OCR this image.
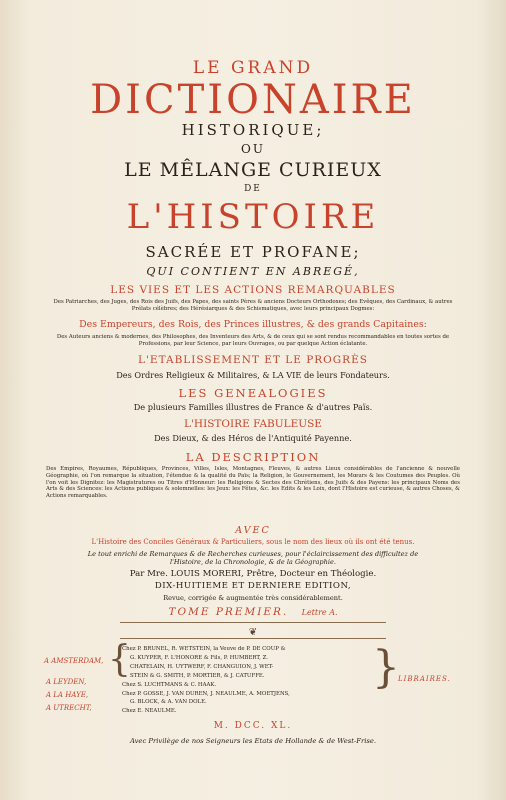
LE GRAND

DICTIONAIRE

HISTORIQUE;

OU

LE MÊLANGE CURIEUX

DE

L'HISTOIRE

SACRÉE ET PROFANE;

QUI CONTIENT EN ABREGÉ,

LES VIES ET LES ACTIONS REMARQUABLES

Des Patriarches, des Juges, des Rois des Juifs, des Papes, des saints Pères & anciens Docteurs Orthodoxes; des Evêques, des Cardinaux, & autres Prélats célèbres; des Hérésiarques & des Schismatiques, avec leurs principaux Dogmes:

Des Empereurs, des Rois, des Princes illustres, & des grands Capitaines:

Des Auteurs anciens & modernes, des Philosophes, des Inventeurs des Arts, & de ceux qui se sont rendus recommandables en toutes sortes de Professions, par leur Science, par leurs Ouvrages, ou par quelque Action éclatante.

L'ETABLISSEMENT ET LE PROGRÈS

Des Ordres Religieux & Militaires, & LA VIE de leurs Fondateurs.

LES GENEALOGIES

De plusieurs Familles illustres de France & d'autres Païs.

L'HISTOIRE FABULEUSE

Des Dieux, & des Héros de l'Antiquité Payenne.

LA DESCRIPTION

Des Empires, Royaumes, Républiques, Provinces, Villes, Isles, Montagnes, Fleuves, & autres Lieux considérables de l'ancienne & nouvelle Géographie, où l'on remarque la situation, l'étendue & la qualité du Païs; la Religion, le Gouvernement, les Mœurs & les Coutumes des Peuples. Où l'on voit les Dignitez: les Magistratures ou Titres d'Honneur: les Religions & Sectes des Chrétiens, des Juifs & des Payens: les principaux Noms des Arts & des Sciences: les Actions publiques & solemnelles: les Jeux: les Fêtes, &c. les Edits & les Loix, dont l'Histoire est curieuse, & autres Choses, & Actions remarquables.

AVEC

L'Histoire des Conciles Généraux & Particuliers, sous le nom des lieux où ils ont été tenus.

Le tout enrichi de Remarques & de Recherches curieuses, pour l'éclaircissement des difficultez de l'Histoire, de la Chronologie, & de la Géographie.

Par Mre. LOUIS MORERI, Prêtre, Docteur en Théologie.

DIX-HUITIEME ET DERNIERE EDITION,

Revue, corrigée & augmentée très considérablement.

TOME PREMIER. Lettre A.

❦
A AMSTERDAM,
A LEYDEN,
A LA HAYE,
A UTRECHT,
{	}
Chez P. BRUNEL, R. WETSTEIN, la Veuve de P. DE COUP &
G. KUYPER, F. L'HONORÉ & Fils, P. HUMBERT, Z.
CHATELAIN, H. UYTWERF, F. CHANGUION, J. WET-
STEIN & G. SMITH, P. MORTIER, & J. CATUFFE.
Chez S. LUCHTMANS & C. HAAK.
Chez P. GOSSE, J. VAN DUREN, J. NEAULME, A. MOETJENS,
G. BLOCK, & A. VAN DOLE.
Chez E. NEAULME.
LIBRAIRES.

M. DCC. XL.

Avec Privilège de nos Seigneurs les Etats de Hollande & de West-Frise.
